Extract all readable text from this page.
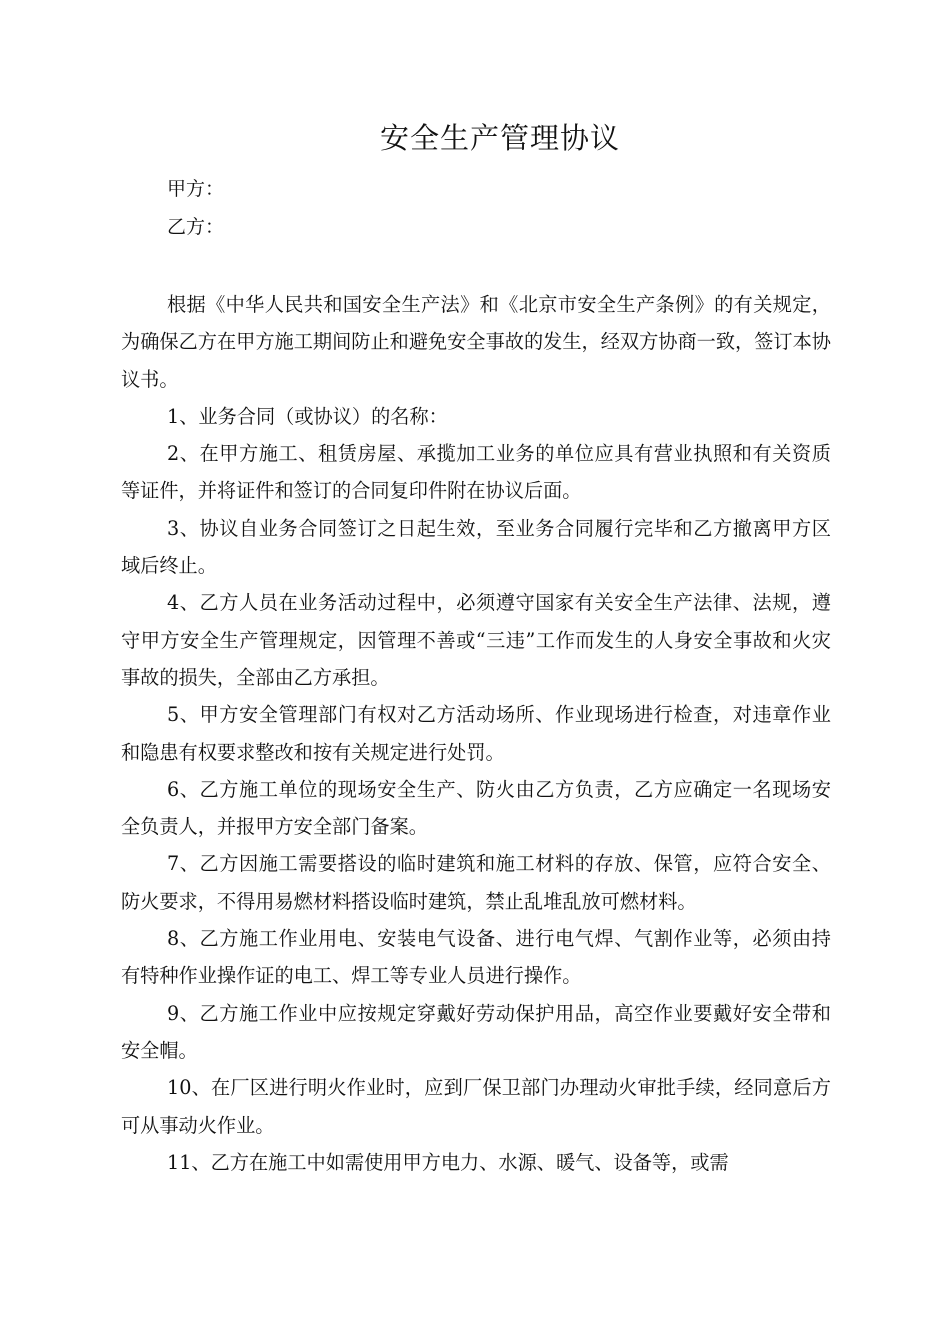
安全生产管理协议
甲方：
乙方：

根据《中华人民共和国安全生产法》和《北京市安全生产条例》的有关规定，为确保乙方在甲方施工期间防止和避免安全事故的发生，经双方协商一致，签订本协议书。

1、业务合同（或协议）的名称：

2、在甲方施工、租赁房屋、承揽加工业务的单位应具有营业执照和有关资质等证件，并将证件和签订的合同复印件附在协议后面。

3、协议自业务合同签订之日起生效，至业务合同履行完毕和乙方撤离甲方区域后终止。

4、乙方人员在业务活动过程中，必须遵守国家有关安全生产法律、法规，遵守甲方安全生产管理规定，因管理不善或“三违”工作而发生的人身安全事故和火灾事故的损失，全部由乙方承担。

5、甲方安全管理部门有权对乙方活动场所、作业现场进行检查，对违章作业和隐患有权要求整改和按有关规定进行处罚。

6、乙方施工单位的现场安全生产、防火由乙方负责，乙方应确定一名现场安全负责人，并报甲方安全部门备案。

7、乙方因施工需要搭设的临时建筑和施工材料的存放、保管，应符合安全、防火要求，不得用易燃材料搭设临时建筑，禁止乱堆乱放可燃材料。

8、乙方施工作业用电、安装电气设备、进行电气焊、气割作业等，必须由持有特种作业操作证的电工、焊工等专业人员进行操作。

9、乙方施工作业中应按规定穿戴好劳动保护用品，高空作业要戴好安全带和安全帽。

10、在厂区进行明火作业时，应到厂保卫部门办理动火审批手续，经同意后方可从事动火作业。

11、乙方在施工中如需使用甲方电力、水源、暖气、设备等，或需
